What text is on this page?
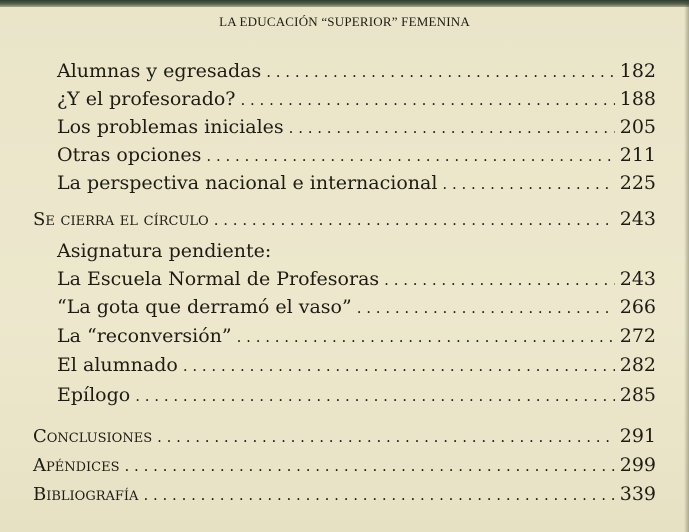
LA EDUCACIÓN “SUPERIOR” FEMENINA
Alumnas y egresadas . . .	182
¿Y el profesorado? . . .	188
Los problemas iniciales . . .	205
Otras opciones . . .	211
La perspectiva nacional e internacional . . .	225
Se cierra el círculo . . .	243
Asignatura pendiente:
La Escuela Normal de Profesoras . . .	243
“La gota que derramó el vaso” . . .	266
La “reconversión” . . .	272
El alumnado . . .	282
Epílogo . . .	285
Conclusiones . . .	291
Apéndices . . .	299
Bibliografía . . .	339
